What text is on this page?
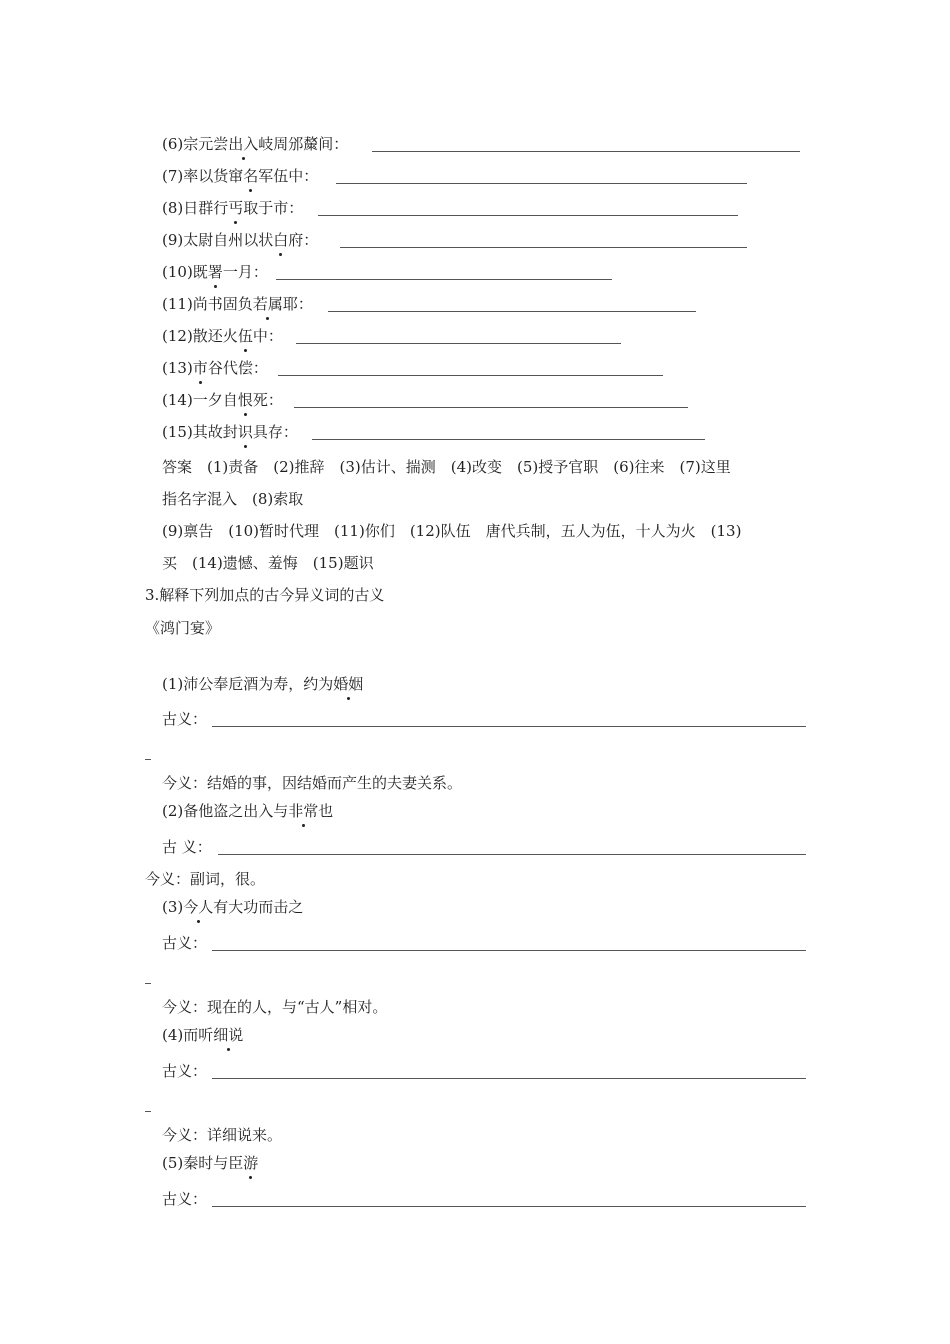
(6)宗元尝出入岐周邠斄间：
(7)率以货窜名军伍中：
(8)日群行丐取于市：
(9)太尉自州以状白府：
(10)既署一月：
(11)尚书固负若属耶：
(12)散还火伍中：
(13)市谷代偿：
(14)一夕自恨死：
(15)其故封识具存：
答案　(1)责备　(2)推辞　(3)估计、揣测　(4)改变　(5)授予官职　(6)往来　(7)这里
指名字混入　(8)索取
(9)禀告　(10)暂时代理　(11)你们　(12)队伍　唐代兵制，五人为伍，十人为火　(13)
买　(14)遗憾、羞悔　(15)题识
3.解释下列加点的古今异义词的古义
《鸿门宴》
(1)沛公奉卮酒为寿，约为婚姻
古义：
今义：结婚的事，因结婚而产生的夫妻关系。
(2)备他盗之出入与非常也
古 义：
今义：副词，很。
(3)今人有大功而击之
古义：
今义：现在的人，与“古人”相对。
(4)而听细说
古义：
今义：详细说来。
(5)秦时与臣游
古义：
